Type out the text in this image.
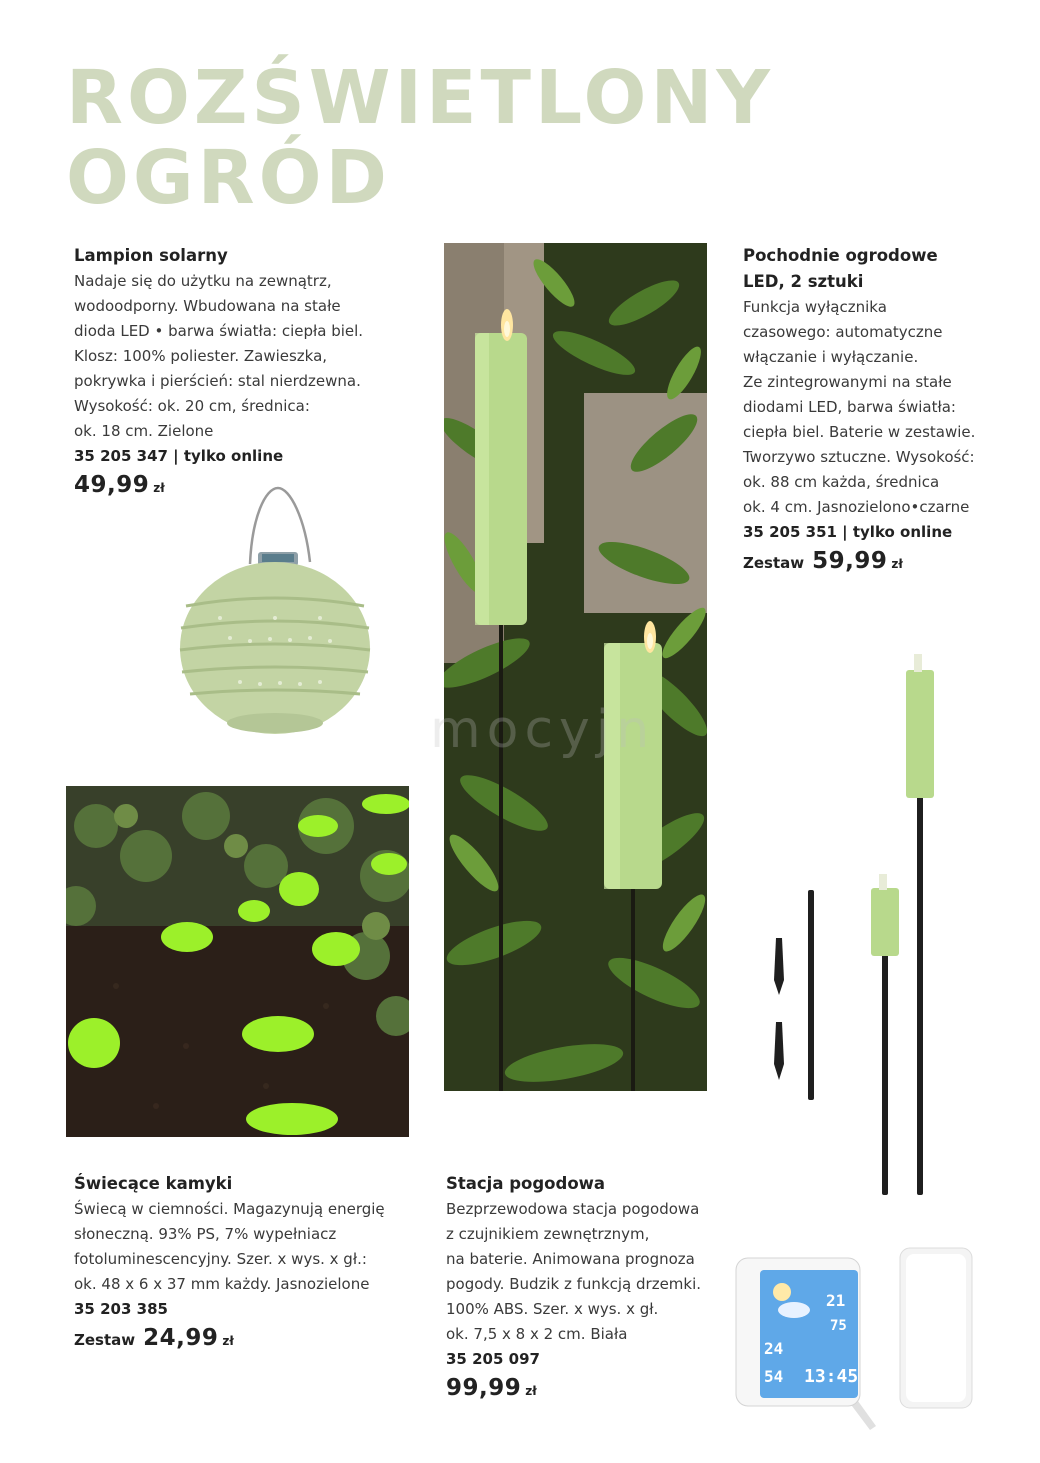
ROZŚWIETLONY
OGRÓD
Lampion solarny
Nadaje się do użytku na zewnątrz,
wodoodporny. Wbudowana na stałe
dioda LED • barwa światła: ciepła biel.
Klosz: 100% poliester. Zawieszka,
pokrywka i pierścień: stal nierdzewna.
Wysokość: ok. 20 cm, średnica:
ok. 18 cm. Zielone
35 205 347 | tylko online
49,99 zł
mocyjn
Pochodnie ogrodowe
LED, 2 sztuki
Funkcja wyłącznika
czasowego: automatyczne
włączanie i wyłączanie.
Ze zintegrowanymi na stałe
diodami LED, barwa światła:
ciepła biel. Baterie w zestawie.
Tworzywo sztuczne. Wysokość:
ok. 88 cm każda, średnica
ok. 4 cm. Jasnozielono•czarne
35 205 351 | tylko online
Zestaw 59,99 zł
Świecące kamyki
Świecą w ciemności. Magazynują energię
słoneczną. 93% PS, 7% wypełniacz
fotoluminescencyjny. Szer. x wys. x gł.:
ok. 48 x 6 x 37 mm każdy. Jasnozielone
35 203 385
Zestaw 24,99 zł
Stacja pogodowa
Bezprzewodowa stacja pogodowa
z czujnikiem zewnętrznym,
na baterie. Animowana prognoza
pogody. Budzik z funkcją drzemki.
100% ABS. Szer. x wys. x gł.
ok. 7,5 x 8 x 2 cm. Biała
35 205 097
99,99 zł
21
75
24
54 13:45
